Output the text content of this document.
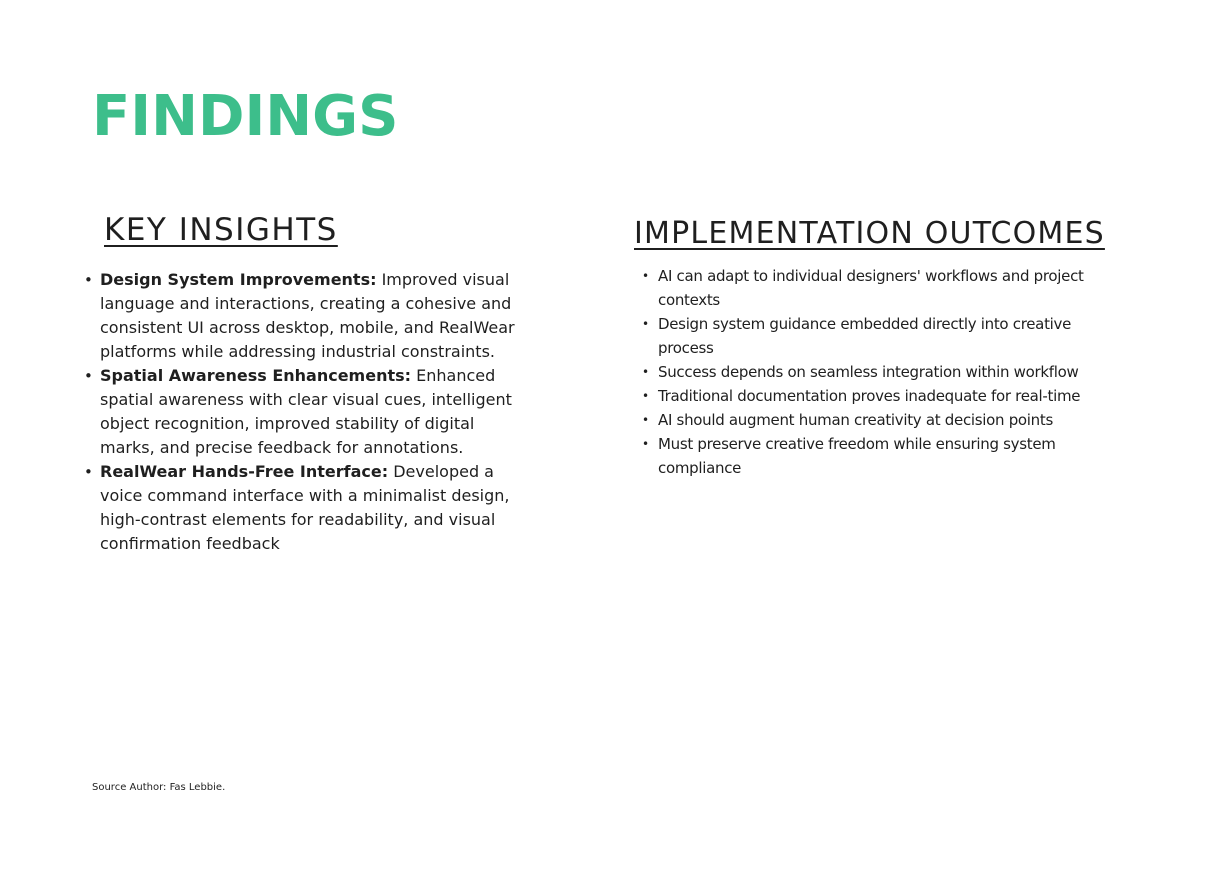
FINDINGS
KEY INSIGHTS
• Design System Improvements: Improved visual language and interactions, creating a cohesive and consistent UI across desktop, mobile, and RealWear platforms while addressing industrial constraints.
• Spatial Awareness Enhancements: Enhanced spatial awareness with clear visual cues, intelligent object recognition, improved stability of digital marks, and precise feedback for annotations.
• RealWear Hands-Free Interface: Developed a voice command interface with a minimalist design, high-contrast elements for readability, and visual confirmation feedback
IMPLEMENTATION OUTCOMES
• AI can adapt to individual designers' workflows and project contexts
• Design system guidance embedded directly into creative process
• Success depends on seamless integration within workflow
• Traditional documentation proves inadequate for real-time
• AI should augment human creativity at decision points
• Must preserve creative freedom while ensuring system compliance
Source Author: Fas Lebbie.
